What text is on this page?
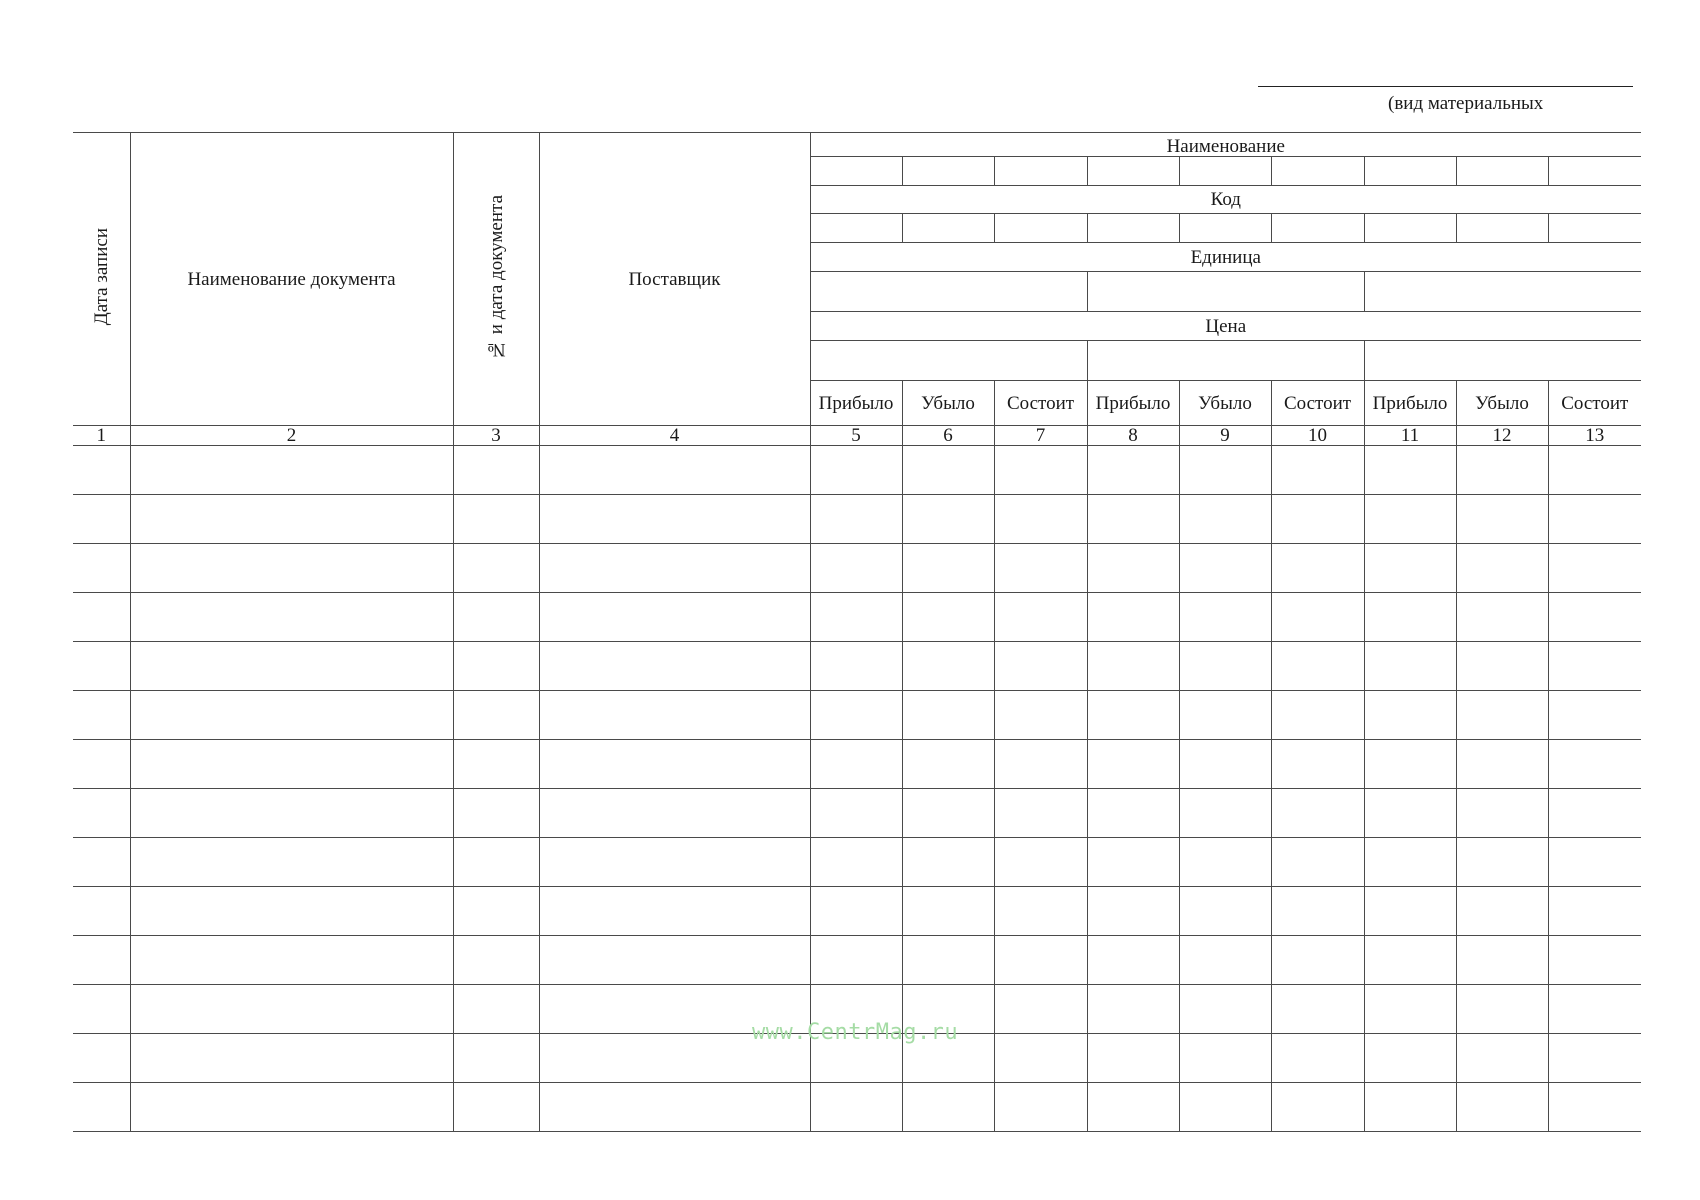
(вид материальных
Дата записи	Наименование документа	№ и дата документа	Поставщик	Наименование								

				Код								

				Единица								

				Цена								

				Прибыло	Убыло	Состоит	Прибыло	Убыло	Состоит	Прибыло	Убыло	Состоит

1	2	3	4	5	6	7	8	9	10	11	12	13

www.CentrMag.ru
